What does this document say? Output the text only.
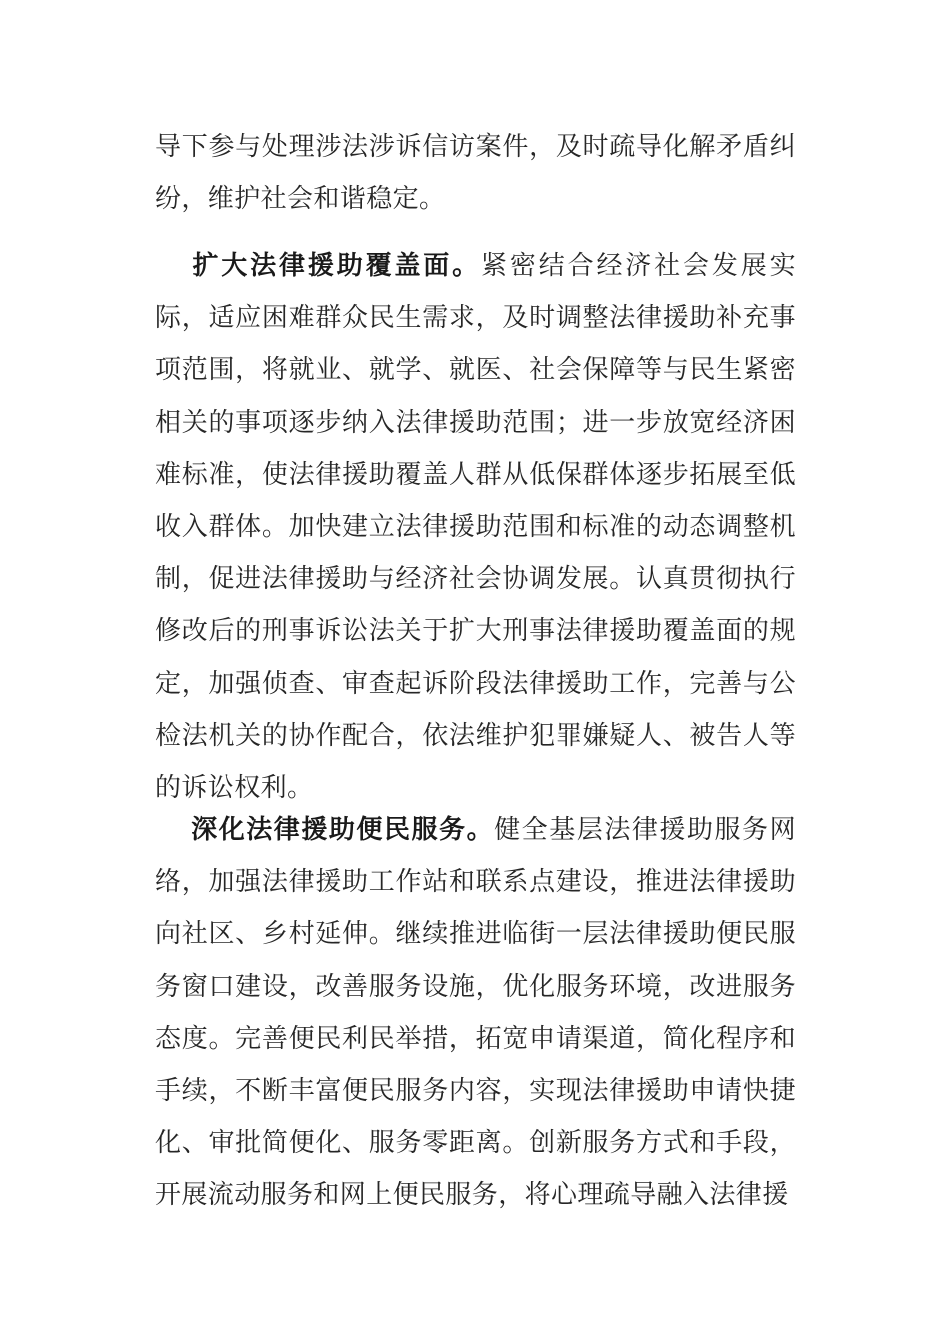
导下参与处理涉法涉诉信访案件，及时疏导化解矛盾纠纷，维护社会和谐稳定。

扩大法律援助覆盖面。紧密结合经济社会发展实际，适应困难群众民生需求，及时调整法律援助补充事项范围，将就业、就学、就医、社会保障等与民生紧密相关的事项逐步纳入法律援助范围；进一步放宽经济困难标准，使法律援助覆盖人群从低保群体逐步拓展至低收入群体。加快建立法律援助范围和标准的动态调整机制，促进法律援助与经济社会协调发展。认真贯彻执行修改后的刑事诉讼法关于扩大刑事法律援助覆盖面的规定，加强侦查、审查起诉阶段法律援助工作，完善与公检法机关的协作配合，依法维护犯罪嫌疑人、被告人等的诉讼权利。

深化法律援助便民服务。健全基层法律援助服务网络，加强法律援助工作站和联系点建设，推进法律援助向社区、乡村延伸。继续推进临街一层法律援助便民服务窗口建设，改善服务设施，优化服务环境，改进服务态度。完善便民利民举措，拓宽申请渠道，简化程序和手续，不断丰富便民服务内容，实现法律援助申请快捷化、审批简便化、服务零距离。创新服务方式和手段，开展流动服务和网上便民服务，将心理疏导融入法律援
